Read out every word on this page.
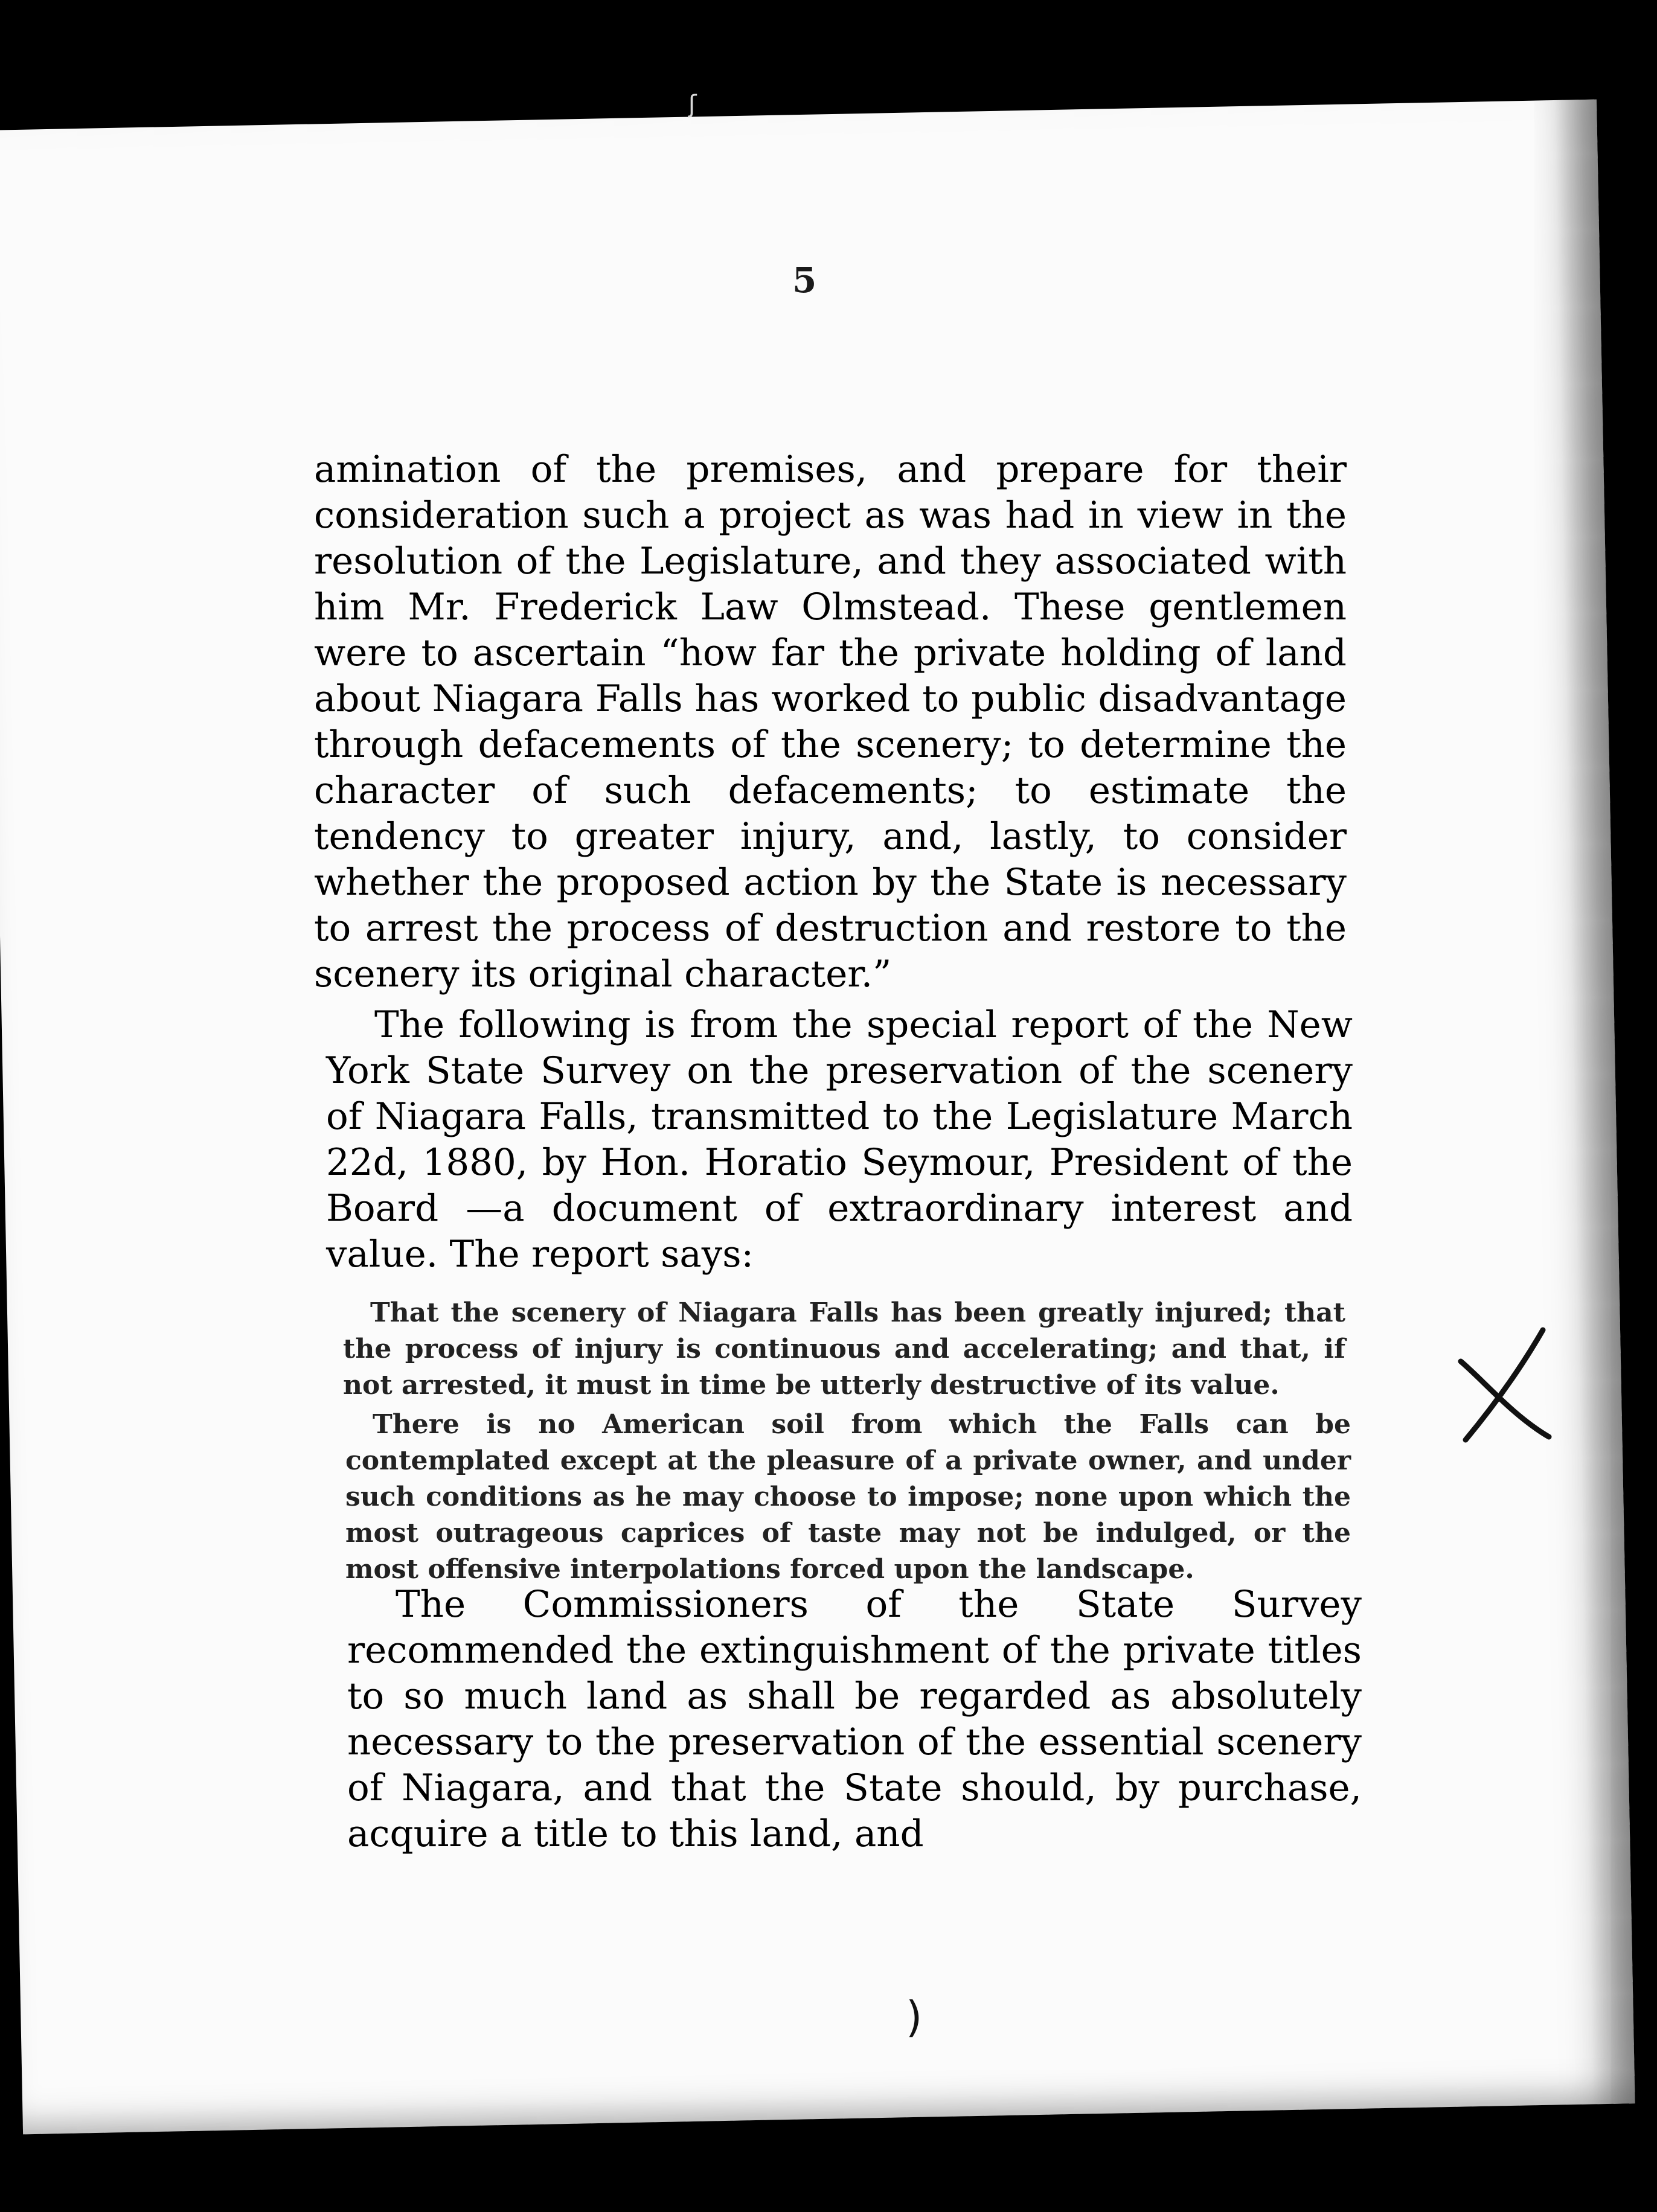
5

amination of the premises, and prepare for their consideration such a project as was had in view in the resolution of the Legislature, and they associated with him Mr. Frederick Law Olmstead. These gentlemen were to ascertain “how far the private holding of land about Niagara Falls has worked to public disadvantage through defacements of the scenery; to determine the character of such defacements; to estimate the tendency to greater injury, and, lastly, to consider whether the proposed action by the State is necessary to arrest the process of destruction and restore to the scenery its original character.”

The following is from the special report of the New York State Survey on the preservation of the scenery of Niagara Falls, transmitted to the Legislature March 22d, 1880, by Hon. Horatio Seymour, President of the Board —a document of extraordinary interest and value. The report says:

That the scenery of Niagara Falls has been greatly injured; that the process of injury is continuous and accelerating; and that, if not arrested, it must in time be utterly destructive of its value.

There is no American soil from which the Falls can be contemplated except at the pleasure of a private owner, and under such conditions as he may choose to impose; none upon which the most outrageous caprices of taste may not be indulged, or the most offensive interpolations forced upon the landscape.

The Commissioners of the State Survey recommended the extinguishment of the private titles to so much land as shall be regarded as absolutely necessary to the preservation of the essential scenery of Niagara, and that the State should, by purchase, acquire a title to this land, and

ʃ
)
